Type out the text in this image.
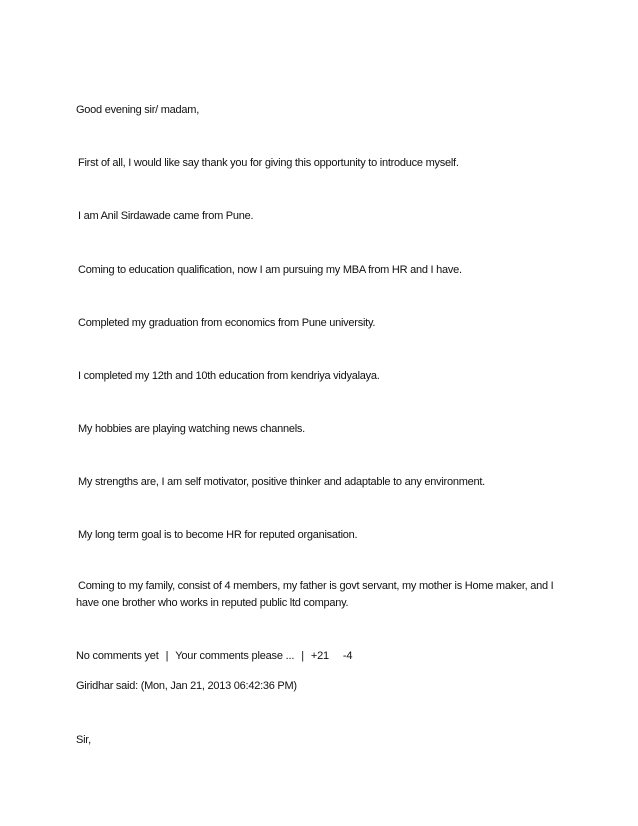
Good evening sir/ madam,
First of all, I would like say thank you for giving this opportunity to introduce myself.
I am Anil Sirdawade came from Pune.
Coming to education qualification, now I am pursuing my MBA from HR and I have.
Completed my graduation from economics from Pune university.
I completed my 12th and 10th education from kendriya vidyalaya.
My hobbies are playing watching news channels.
My strengths are, I am self motivator, positive thinker and adaptable to any environment.
My long term goal is to become HR for reputed organisation.
Coming to my family, consist of 4 members, my father is govt servant, my mother is Home maker, and I
have one brother who works in reputed public ltd company.
No comments yet | Your comments please ... | +21 -4
Giridhar said: (Mon, Jan 21, 2013 06:42:36 PM)
Sir,
